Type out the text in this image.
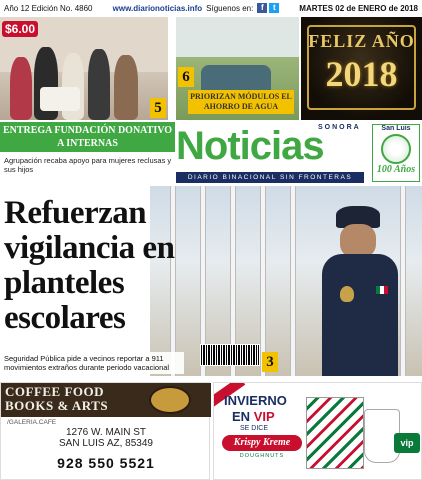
Año 12 Edición No. 4860	www.diarionoticias.info Síguenos en: f	t	MARTES 02 de ENERO de 2018
$6.00
5
6
PRIORIZAN MÓDULOS EL AHORRO DE AGUA
FELIZ AÑO
2018
ENTREGA FUNDACIÓN DONATIVO A INTERNAS
Agrupación recaba apoyo para mujeres reclusas y sus hijos
Noticias
SONORA
DIARIO BINACIONAL SIN FRONTERAS
San Luis
100 Años
Refuerzan vigilancia en planteles escolares
3
Seguridad Pública pide a vecinos reportar a 911 movimientos extraños durante periodo vacacional
COFFEE FOOD
BOOKS & ARTS
/GALERIA.CAFE
1276 W. MAIN ST
SAN LUIS AZ, 85349
928 550 5521
INVIERNO
EN VIP
SE DICE
Krispy Kreme
DOUGHNUTS
vip
